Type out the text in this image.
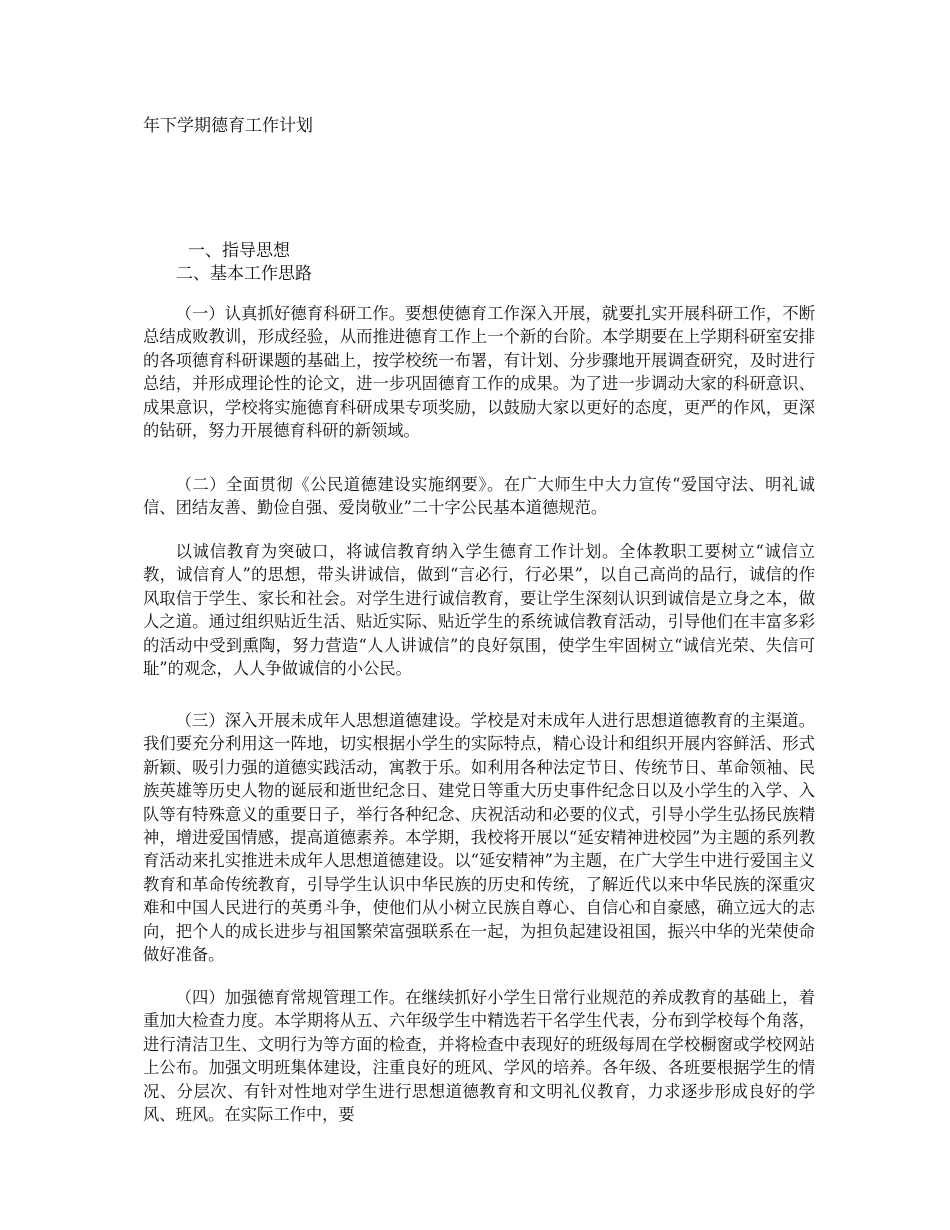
年下学期德育工作计划
一、指导思想
二、基本工作思路

（一）认真抓好德育科研工作。要想使德育工作深入开展，就要扎实开展科研工作，不断总结成败教训，形成经验，从而推进德育工作上一个新的台阶。本学期要在上学期科研室安排的各项德育科研课题的基础上，按学校统一布署，有计划、分步骤地开展调查研究，及时进行总结，并形成理论性的论文，进一步巩固德育工作的成果。为了进一步调动大家的科研意识、成果意识，学校将实施德育科研成果专项奖励，以鼓励大家以更好的态度，更严的作风，更深的钻研，努力开展德育科研的新领域。

（二）全面贯彻《公民道德建设实施纲要》。在广大师生中大力宣传“爱国守法、明礼诚信、团结友善、勤俭自强、爱岗敬业”二十字公民基本道德规范。

以诚信教育为突破口，将诚信教育纳入学生德育工作计划。全体教职工要树立“诚信立教，诚信育人”的思想，带头讲诚信，做到“言必行，行必果”，以自己高尚的品行，诚信的作风取信于学生、家长和社会。对学生进行诚信教育，要让学生深刻认识到诚信是立身之本，做人之道。通过组织贴近生活、贴近实际、贴近学生的系统诚信教育活动，引导他们在丰富多彩的活动中受到熏陶，努力营造“人人讲诚信”的良好氛围，使学生牢固树立“诚信光荣、失信可耻”的观念，人人争做诚信的小公民。

（三）深入开展未成年人思想道德建设。学校是对未成年人进行思想道德教育的主渠道。我们要充分利用这一阵地，切实根据小学生的实际特点，精心设计和组织开展内容鲜活、形式新颖、吸引力强的道德实践活动，寓教于乐。如利用各种法定节日、传统节日、革命领袖、民族英雄等历史人物的诞辰和逝世纪念日、建党日等重大历史事件纪念日以及小学生的入学、入队等有特殊意义的重要日子，举行各种纪念、庆祝活动和必要的仪式，引导小学生弘扬民族精神，增进爱国情感，提高道德素养。本学期，我校将开展以“延安精神进校园”为主题的系列教育活动来扎实推进未成年人思想道德建设。以“延安精神”为主题，在广大学生中进行爱国主义教育和革命传统教育，引导学生认识中华民族的历史和传统，了解近代以来中华民族的深重灾难和中国人民进行的英勇斗争，使他们从小树立民族自尊心、自信心和自豪感，确立远大的志向，把个人的成长进步与祖国繁荣富强联系在一起，为担负起建设祖国，振兴中华的光荣使命做好准备。

（四）加强德育常规管理工作。在继续抓好小学生日常行业规范的养成教育的基础上，着重加大检查力度。本学期将从五、六年级学生中精选若干名学生代表，分布到学校每个角落，进行清洁卫生、文明行为等方面的检查，并将检查中表现好的班级每周在学校橱窗或学校网站上公布。加强文明班集体建设，注重良好的班风、学风的培养。各年级、各班要根据学生的情况、分层次、有针对性地对学生进行思想道德教育和文明礼仪教育，力求逐步形成良好的学风、班风。在实际工作中，要
